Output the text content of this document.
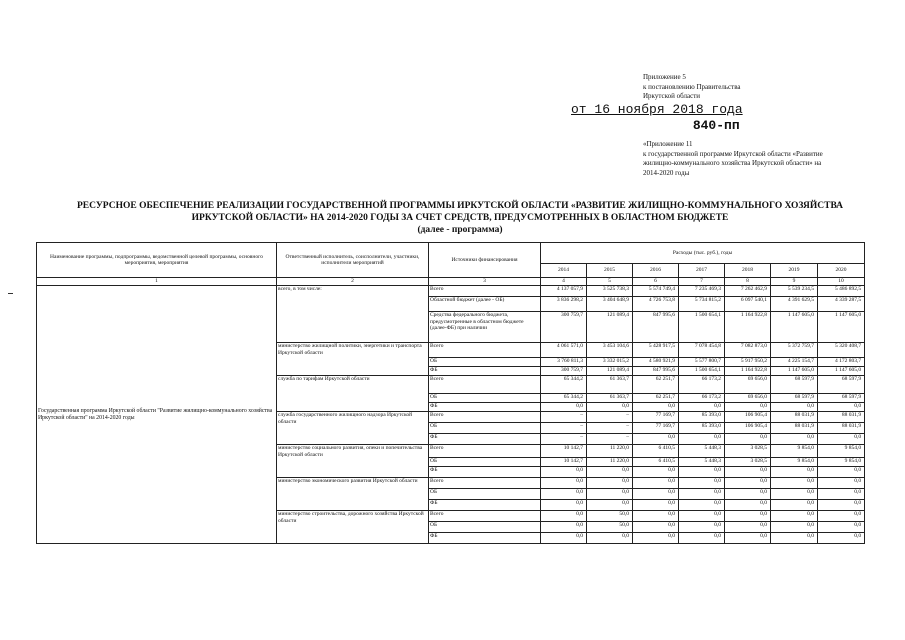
Приложение 5
к постановлению Правительства
Иркутской области
от 16 ноября 2018 года
840-пп
«Приложение 11
к государственной программе Иркутской области «Развитие
жилищно-коммунального хозяйства Иркутской области» на
2014-2020 годы
РЕСУРСНОЕ ОБЕСПЕЧЕНИЕ РЕАЛИЗАЦИИ ГОСУДАРСТВЕННОЙ ПРОГРАММЫ ИРКУТСКОЙ ОБЛАСТИ «РАЗВИТИЕ ЖИЛИЩНО-КОММУНАЛЬНОГО ХОЗЯЙСТВА
ИРКУТСКОЙ ОБЛАСТИ» НА 2014-2020 ГОДЫ ЗА СЧЕТ СРЕДСТВ, ПРЕДУСМОТРЕННЫХ В ОБЛАСТНОМ БЮДЖЕТЕ
(далее - программа)
Наименование программы, подпрограммы, ведомственной целевой программы, основного мероприятия, мероприятия	Ответственный исполнитель, соисполнители, участники, исполнители мероприятий	Источники финансирования	Расходы (тыс. руб.), годы						
			2014	2015	2016	2017	2018	2019	2020
1	2	3	4	5	6	7	8	9	10
Государственная программа Иркутской области "Развитие жилищно-коммунального хозяйства Иркутской области" на 2014-2020 годы	всего, в том числе:	Всего	4 137 057,9	3 525 738,3	5 574 749,4	7 235 469,3	7 262 462,9	5 539 234,5	5 486 892,5
		Областной бюджет (далее - ОБ)	3 836 298,2	3 404 648,9	4 726 753,8	5 734 815,2	6 097 540,1	4 391 629,5	4 339 287,5
		Средства федерального бюджета, предусмотренные в областном бюджете (далее-ФБ) при наличии	300 759,7	121 089,4	847 995,6	1 500 654,1	1 164 922,8	1 147 605,0	1 147 605,0
	министерство жилищной политики, энергетики и транспорта Иркутской области	Всего	4 061 571,0	3 453 104,6	5 428 917,5	7 078 454,8	7 082 873,0	5 372 759,7	5 320 408,7
		ОБ	3 760 811,3	3 332 015,2	4 580 921,9	5 577 800,7	5 917 950,2	4 225 154,7	4 172 803,7
		ФБ	300 759,7	121 089,4	847 995,6	1 500 654,1	1 164 922,8	1 147 605,0	1 147 605,0
	служба по тарифам Иркутской области	Всего	65 344,2	61 363,7	62 251,7	66 173,2	69 656,0	68 597,9	68 597,9
		ОБ	65 344,2	61 363,7	62 251,7	66 173,2	69 656,0	68 597,9	68 597,9
		ФБ	0,0	0,0	0,0	0,0	0,0	0,0	0,0
	служба государственного жилищного надзора Иркутской области	Всего	–	–	77 169,7	85 393,0	106 905,4	88 031,9	88 031,9
		ОБ	–	–	77 169,7	85 393,0	106 905,4	88 031,9	88 031,9
		ФБ	–	–	0,0	0,0	0,0	0,0	0,0
	министерство социального развития, опеки и попечительства Иркутской области	Всего	10 142,7	11 220,0	6 410,5	5 448,3	3 028,5	9 854,0	9 854,0
		ОБ	10 142,7	11 220,0	6 410,5	5 448,3	3 028,5	9 854,0	9 854,0
		ФБ	0,0	0,0	0,0	0,0	0,0	0,0	0,0
	министерство экономического развития Иркутской области	Всего	0,0	0,0	0,0	0,0	0,0	0,0	0,0
		ОБ	0,0	0,0	0,0	0,0	0,0	0,0	0,0
		ФБ	0,0	0,0	0,0	0,0	0,0	0,0	0,0
	министерство строительства, дорожного хозяйства Иркутской области	Всего	0,0	50,0	0,0	0,0	0,0	0,0	0,0
		ОБ	0,0	50,0	0,0	0,0	0,0	0,0	0,0
		ФБ	0,0	0,0	0,0	0,0	0,0	0,0	0,0
